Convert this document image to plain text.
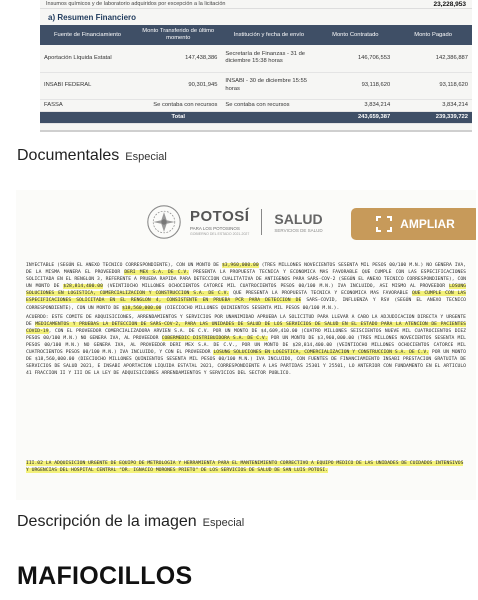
Insumos químicos y de laboratorio adquiridos por excepción a la licitación	23,228,953
a) Resumen Financiero
Fuente de Financiamiento	Monto Transferido de último momento	Institución y fecha de envío	Monto Contratado	Monto Pagado
Aportación Líquida Estatal	147,438,386	Secretaría de Finanzas - 31 de diciembre 15:38 horas	146,706,553	142,386,887
INSABI FEDERAL	90,301,945	INSABI - 30 de diciembre 15:55 horas	93,118,620	93,118,620
FASSA	Se contaba con recursos	Se contaba con recursos	3,834,214	3,834,214
Total			243,659,387	239,339,722
Documentales Especial
POTOSÍ
PARA LOS POTOSINOS
GOBIERNO DEL ESTADO 2021-2027
SALUD
SERVICIOS DE SALUD	AMPLIAR

INYECTABLE (SEGÚN EL ANEXO TECNICO CORRESPONDIENTE), CON UN MONTO DE $3,960,000.00 (TRES MILLONES NOVECIENTOS SESENTA MIL PESOS 00/100 M.N.) NO GENERA IVA, DE LA MISMA MANERA EL PROVEEDOR DERI MEX S.A. DE C.V. PRESENTA LA PROPUESTA TECNICA Y ECONOMICA MAS FAVORABLE QUE CUMPLE CON LAS ESPECIFICACIONES SOLICITADA EN EL RENGLON 3, REFERENTE A PRUEBA RAPIDA PARA DETECCION CUALITATIVA DE ANTIGENOS PARA SARS-COV-2 (SEGÚN EL ANEXO TECNICO CORRESPONDIENTE), CON UN MONTO DE $28,814,400.00 (VEINTIOCHO MILLONES OCHOCIENTOS CATORCE MIL CUATROCIENTOS PESOS 00/100 M.N.) IVA INCLUIDO, ASI MISMO AL PROVEEDOR LOSUNG SOLUCIONES EN LOGISTICA, COMERCIALIZACION Y CONSTRUCCION S.A. DE C.V. QUE PRESENTA LA PROPUESTA TECNICA Y ECONOMICA MAS FAVORABLE QUE CUMPLE CON LAS ESPECIFICACIONES SOLICITADA EN EL RENGLON 4, CONSISTENTE EN PRUEBA PCR PARA DETECCION DE SARS-COVID, INFLUENZA Y RSV (SEGÚN EL ANEXO TECNICO CORRESPONDIENTE), CON UN MONTO DE $18,560,000.00 (DIECIOCHO MILLONES QUINIENTOS SESENTA MIL PESOS 00/100 M.N.).

ACUERDO: ESTE COMITE DE ADQUISICIONES, ARRENDAMIENTOS Y SERVICIOS POR UNANIMIDAD APRUEBA LA SOLICITUD PARA LLEVAR A CABO LA ADJUDICACION DIRECTA Y URGENTE DE MEDICAMENTOS Y PRUEBAS LA DETECCION DE SARS-COV-2, PARA LAS UNIDADES DE SALUD DE LOS SERVICIOS DE SALUD EN EL ESTADO PARA LA ATENCION DE PACIENTES COVID-19, CON EL PROVEEDOR COMERCIALIZADORA ARVIEN S.A. DE C.V. POR UN MONTO DE $4,609,410.00 (CUATRO MILLONES SEISCIENTOS NUEVE MIL CUATROCIENTOS DIEZ PESOS 00/100 M.N.) NO GENERA IVA, AL PROVEEDOR COBERMEDIC DISTRIBUIDORA S.A. DE C.V. POR UN MONTO DE $3,960,000.00 (TRES MILLONES NOVECIENTOS SESENTA MIL PESOS 00/100 M.N.) NO GENERA IVA, AL PROVEEDOR DERI MEX S.A. DE C.V., POR UN MONTO DE $28,814,400.00 (VEINTIOCHO MILLONES OCHOCIENTOS CATORCE MIL CUATROCIENTOS PESOS 00/100 M.N.) IVA INCLUIDO, Y CON EL PROVEEDOR LOSUNG SOLUCIONES EN LOGISTICA, COMERCIALIZACION Y CONSTRUCCION S.A. DE C.V. POR UN MONTO DE $18,560,000.00 (DIECIOCHO MILLONES QUINIENTOS SESENTA MIL PESOS 00/100 M.N.) IVA INCLUIDO, CON FUENTES DE FINANCIAMIENTO INSABI PRESTACION GRATUITA DE SERVICIOS DE SALUD 2021, E INSABI APORTACION LIQUIDA ESTATAL 2021, CORRESPONDIENTE A LAS PARTIDAS 25301 Y 25501, LO ANTERIOR CON FUNDAMENTO EN EL ARTICULO 41 FRACCION II Y III DE LA LEY DE ADQUISICIONES ARRENDAMIENTOS Y SERVICIOS DEL SECTOR PUBLICO.

III.02 LA ADQUISICION URGENTE DE EQUIPO DE METROLOGIA Y HERRAMIENTA PARA EL MANTENIMIENTO CORRECTIVO A EQUIPO MEDICO DE LAS UNIDADES DE CUIDADOS INTENSIVOS Y URGENCIAS DEL HOSPITAL CENTRAL "DR. IGNACIO MORONES PRIETO" DE LOS SERVICIOS DE SALUD DE SAN LUIS POTOSI.
Descripción de la imagen Especial
MAFIOCILLOS
